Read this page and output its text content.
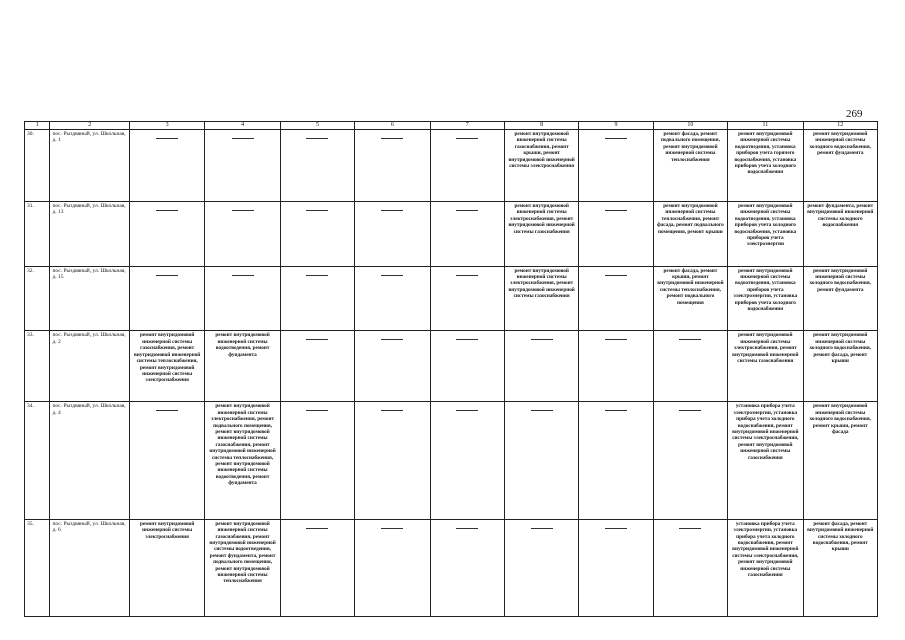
269
1	2	3	4	5	6	7	8	9	10	11	12
30.	пос. Рыздвяный, ул. Школьная, д. 1						ремонт внутридомовой инженерной системы газоснабжения, ремонт крыши, ремонт внутридомовой инженерной системы электроснабжения		ремонт фасада, ремонт подвального помещения, ремонт внутридомовой инженерной системы теплоснабжения	ремонт внутридомовой инженерной системы водоотведения, установка приборов учета горячего водоснабжения, установка приборов учета холодного водоснабжения	ремонт внутридомовой инженерной системы холодного водоснабжения, ремонт фундамента
31.	пос. Рыздвяный, ул. Школьная, д. 13						ремонт внутридомовой инженерной системы электроснабжения, ремонт внутридомовой инженерной системы газоснабжения		ремонт внутридомовой инженерной системы теплоснабжения, ремонт фасада, ремонт подвального помещения, ремонт крыши	ремонт внутридомовой инженерной системы водоотведения, установка приборов учета холодного водоснабжения, установка приборов учета электроэнергии	ремонт фундамента, ремонт внутридомовой инженерной системы холодного водоснабжения
32.	пос. Рыздвяный, ул. Школьная, д. 15						ремонт внутридомовой инженерной системы электроснабжения, ремонт внутридомовой инженерной системы газоснабжения		ремонт фасада, ремонт крыши, ремонт внутридомовой инженерной системы теплоснабжения, ремонт подвального помещения	ремонт внутридомовой инженерной системы водоотведения, установка приборов учета электроэнергии, установка приборов учета холодного водоснабжения	ремонт внутридомовой инженерной системы холодного водоснабжения, ремонт фундамента
33.	пос. Рыздвяный, ул. Школьная, д. 2	ремонт внутридомовой инженерной системы газоснабжения, ремонт внутридомовой инженерной системы теплоснабжения, ремонт внутридомовой инженерной системы электроснабжения	ремонт внутридомовой инженерной системы водоотведения, ремонт фундамента							ремонт внутридомовой инженерной системы электроснабжения, ремонт внутридомовой инженерной системы газоснабжения	ремонт внутридомовой инженерной системы холодного водоснабжения, ремонт фасада, ремонт крыши
34.	пос. Рыздвяный, ул. Школьная, д. 4		ремонт внутридомовой инженерной системы электроснабжения, ремонт подвального помещения, ремонт внутридомовой инженерной системы газоснабжения, ремонт внутридомовой инженерной системы теплоснабжения, ремонт внутридомовой инженерной системы водоотведения, ремонт фундамента							установка прибора учета электроэнергии, установка прибора учета холодного водоснабжения, ремонт внутридомовой инженерной системы электроснабжения, ремонт внутридомовой инженерной системы газоснабжения	ремонт внутридомовой инженерной системы холодного водоснабжения, ремонт крыши, ремонт фасада
35.	пос. Рыздвяный, ул. Школьная, д. 6	ремонт внутридомовой инженерной системы электроснабжения	ремонт внутридомовой инженерной системы газоснабжения, ремонт внутридомовой инженерной системы водоотведения, ремонт фундамента, ремонт подвального помещения, ремонт внутридомовой инженерной системы теплоснабжения							установка прибора учета электроэнергии, установка прибора учета холодного водоснабжения, ремонт внутридомовой инженерной системы электроснабжения, ремонт внутридомовой инженерной системы газоснабжения	ремонт фасада, ремонт внутридомовой инженерной системы холодного водоснабжения, ремонт крыши
